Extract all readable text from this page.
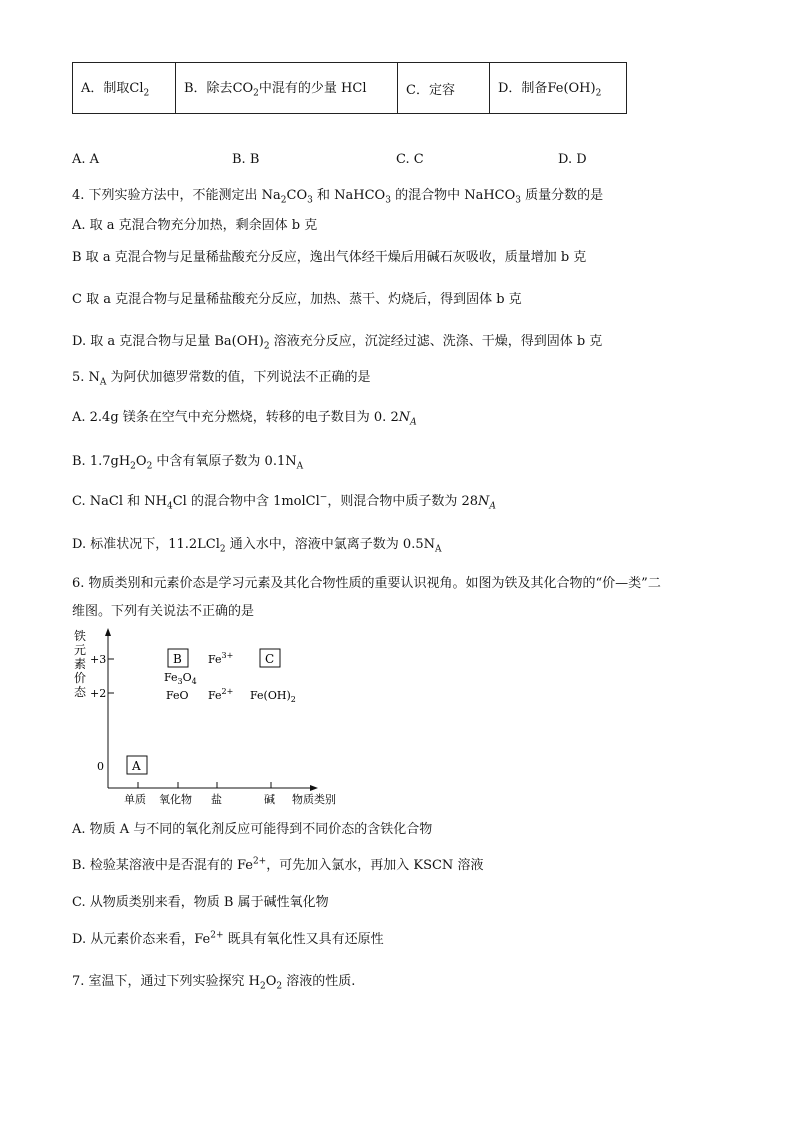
A．制取$Cl_2$	B．除去$CO_2$中混有的少量 HCl	C．定容	D．制备$Fe(OH)_2$
A. A	B. B	C. C	D. D
4. 下列实验方法中，不能测定出 $Na_2CO_3$ 和 NaHCO$_3$ 的混合物中 NaHCO$_3$ 质量分数的是
A. 取 a 克混合物充分加热，剩余固体 b 克
B 取 a 克混合物与足量稀盐酸充分反应，逸出气体经干燥后用碱石灰吸收，质量增加 b 克
C 取 a 克混合物与足量稀盐酸充分反应，加热、蒸干、灼烧后，得到固体 b 克
D. 取 a 克混合物与足量 $Ba(OH)_2$ 溶液充分反应，沉淀经过滤、洗涤、干燥，得到固体 b 克
5. $N_A$ 为阿伏加德罗常数的值，下列说法不正确的是
A. 2.4g 镁条在空气中充分燃烧，转移的电子数目为 0. $2N_A$
B. $1.7gH_2O_2$ 中含有氧原子数为 $0.1N_A$
C. NaCl 和 $NH_4Cl$ 的混合物中含 1molCl−，则混合物中质子数为 $28N_A$
D. 标准状况下，11.2LCl$_2$ 通入水中，溶液中氯离子数为 $0.5N_A$
6. 物质类别和元素价态是学习元素及其化合物性质的重要认识视角。如图为铁及其化合物的“价—类”二
维图。下列有关说法不正确的是
铁
元
素
价
态
+3
+2
0
单质 氧化物 盐	碱 物质类别
A
B $Fe^{3+}$	C
$Fe_3O_4$
FeO $Fe^{2+}$ $Fe(OH)_2$
A. 物质 A 与不同的氧化剂反应可能得到不同价态的含铁化合物
B. 检验某溶液中是否混有的 $Fe^{2+}$，可先加入氯水，再加入 KSCN 溶液
C. 从物质类别来看，物质 B 属于碱性氧化物
D. 从元素价态来看，$Fe^{2+}$ 既具有氧化性又具有还原性
7. 室温下，通过下列实验探究 $H_2O_2$ 溶液的性质.
